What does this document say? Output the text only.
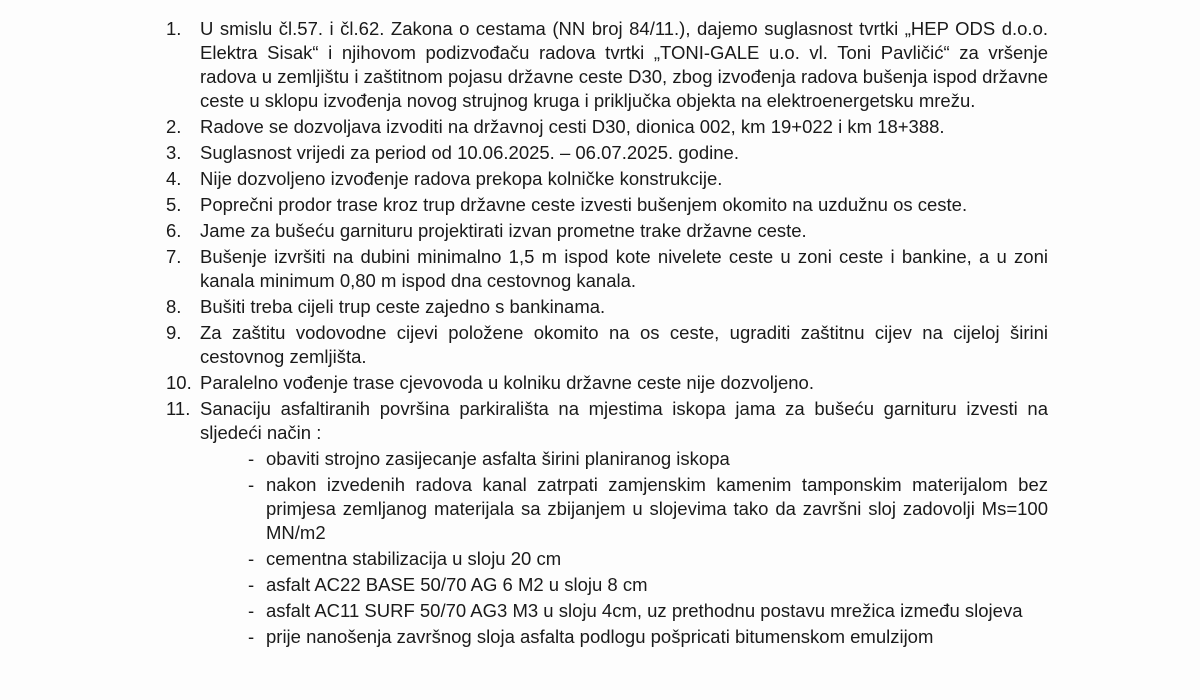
1.	U smislu čl.57. i čl.62. Zakona o cestama (NN broj 84/11.), dajemo suglasnost tvrtki „HEP ODS d.o.o. Elektra Sisak“ i njihovom podizvođaču radova tvrtki „TONI-GALE u.o. vl. Toni Pavličić“ za vršenje radova u zemljištu i zaštitnom pojasu državne ceste D30, zbog izvođenja radova bušenja ispod državne ceste u sklopu izvođenja novog strujnog kruga i priključka objekta na elektroenergetsku mrežu.
2.	Radove se dozvoljava izvoditi na državnoj cesti D30, dionica 002, km 19+022 i km 18+388.
3.	Suglasnost vrijedi za period od 10.06.2025. – 06.07.2025. godine.
4.	Nije dozvoljeno izvođenje radova prekopa kolničke konstrukcije.
5.	Poprečni prodor trase kroz trup državne ceste izvesti bušenjem okomito na uzdužnu os ceste.
6.	Jame za bušeću garnituru projektirati izvan prometne trake državne ceste.
7.	Bušenje izvršiti na dubini minimalno 1,5 m ispod kote nivelete ceste u zoni ceste i bankine, a u zoni kanala minimum 0,80 m ispod dna cestovnog kanala.
8.	Bušiti treba cijeli trup ceste zajedno s bankinama.
9.	Za zaštitu vodovodne cijevi položene okomito na os ceste, ugraditi zaštitnu cijev na cijeloj širini cestovnog zemljišta.
10. Paralelno vođenje trase cjevovoda u kolniku državne ceste nije dozvoljeno.
11. Sanaciju asfaltiranih površina parkirališta na mjestima iskopa jama za bušeću garnituru izvesti na sljedeći način :

- obaviti strojno zasijecanje asfalta širini planiranog iskopa
- nakon izvedenih radova kanal zatrpati zamjenskim kamenim tamponskim materijalom bez primjesa zemljanog materijala sa zbijanjem u slojevima tako da završni sloj zadovolji Ms=100 MN/m2
- cementna stabilizacija u sloju 20 cm
- asfalt AC22 BASE 50/70 AG 6 M2 u sloju 8 cm
- asfalt AC11 SURF 50/70 AG3 M3 u sloju 4cm, uz prethodnu postavu mrežica između slojeva
- prije nanošenja završnog sloja asfalta podlogu pošpricati bitumenskom emulzijom
